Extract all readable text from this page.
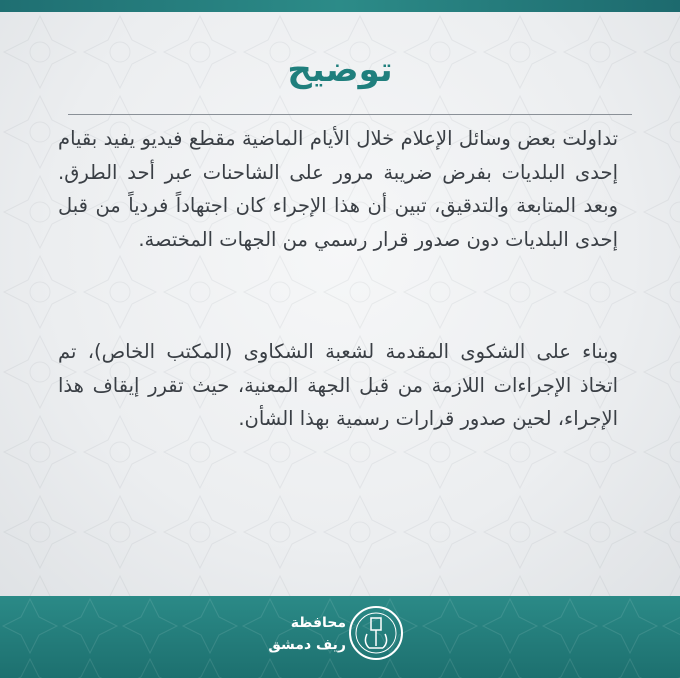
توضيح

تداولت بعض وسائل الإعلام خلال الأيام الماضية مقطع فيديو يفيد بقيام إحدى البلديات بفرض ضريبة مرور على الشاحنات عبر أحد الطرق. وبعد المتابعة والتدقيق، تبين أن هذا الإجراء كان اجتهاداً فردياً من قبل إحدى البلديات دون صدور قرار رسمي من الجهات المختصة.

وبناء على الشكوى المقدمة لشعبة الشكاوى (المكتب الخاص)، تم اتخاذ الإجراءات اللازمة من قبل الجهة المعنية، حيث تقرر إيقاف هذا الإجراء، لحين صدور قرارات رسمية بهذا الشأن.

محافظة
ريف دمشق
